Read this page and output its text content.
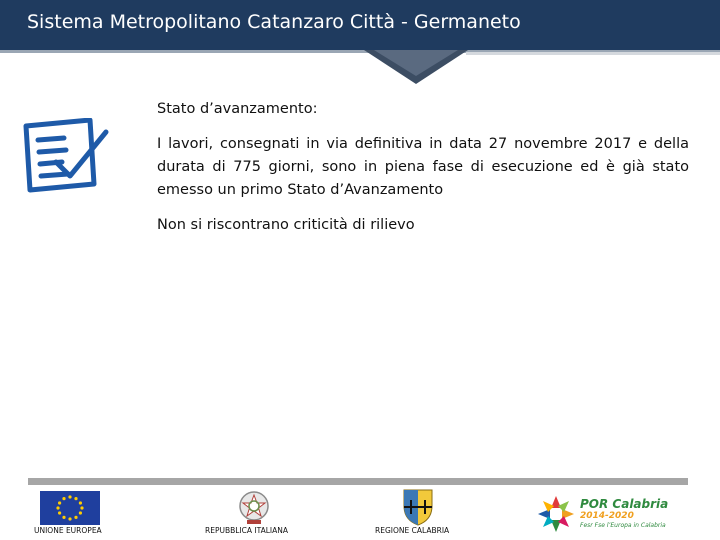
Sistema Metropolitano Catanzaro Città - Germaneto

Stato d’avanzamento:

I lavori, consegnati in via definitiva in data 27 novembre 2017 e della durata di 775 giorni, sono in piena fase di esecuzione ed è già stato emesso un primo Stato d’Avanzamento

Non si riscontrano criticità di rilievo

UNIONE EUROPEA	REPUBBLICA ITALIANA	REGIONE CALABRIA
POR Calabria
2014-2020
Fesr Fse l’Europa in Calabria
